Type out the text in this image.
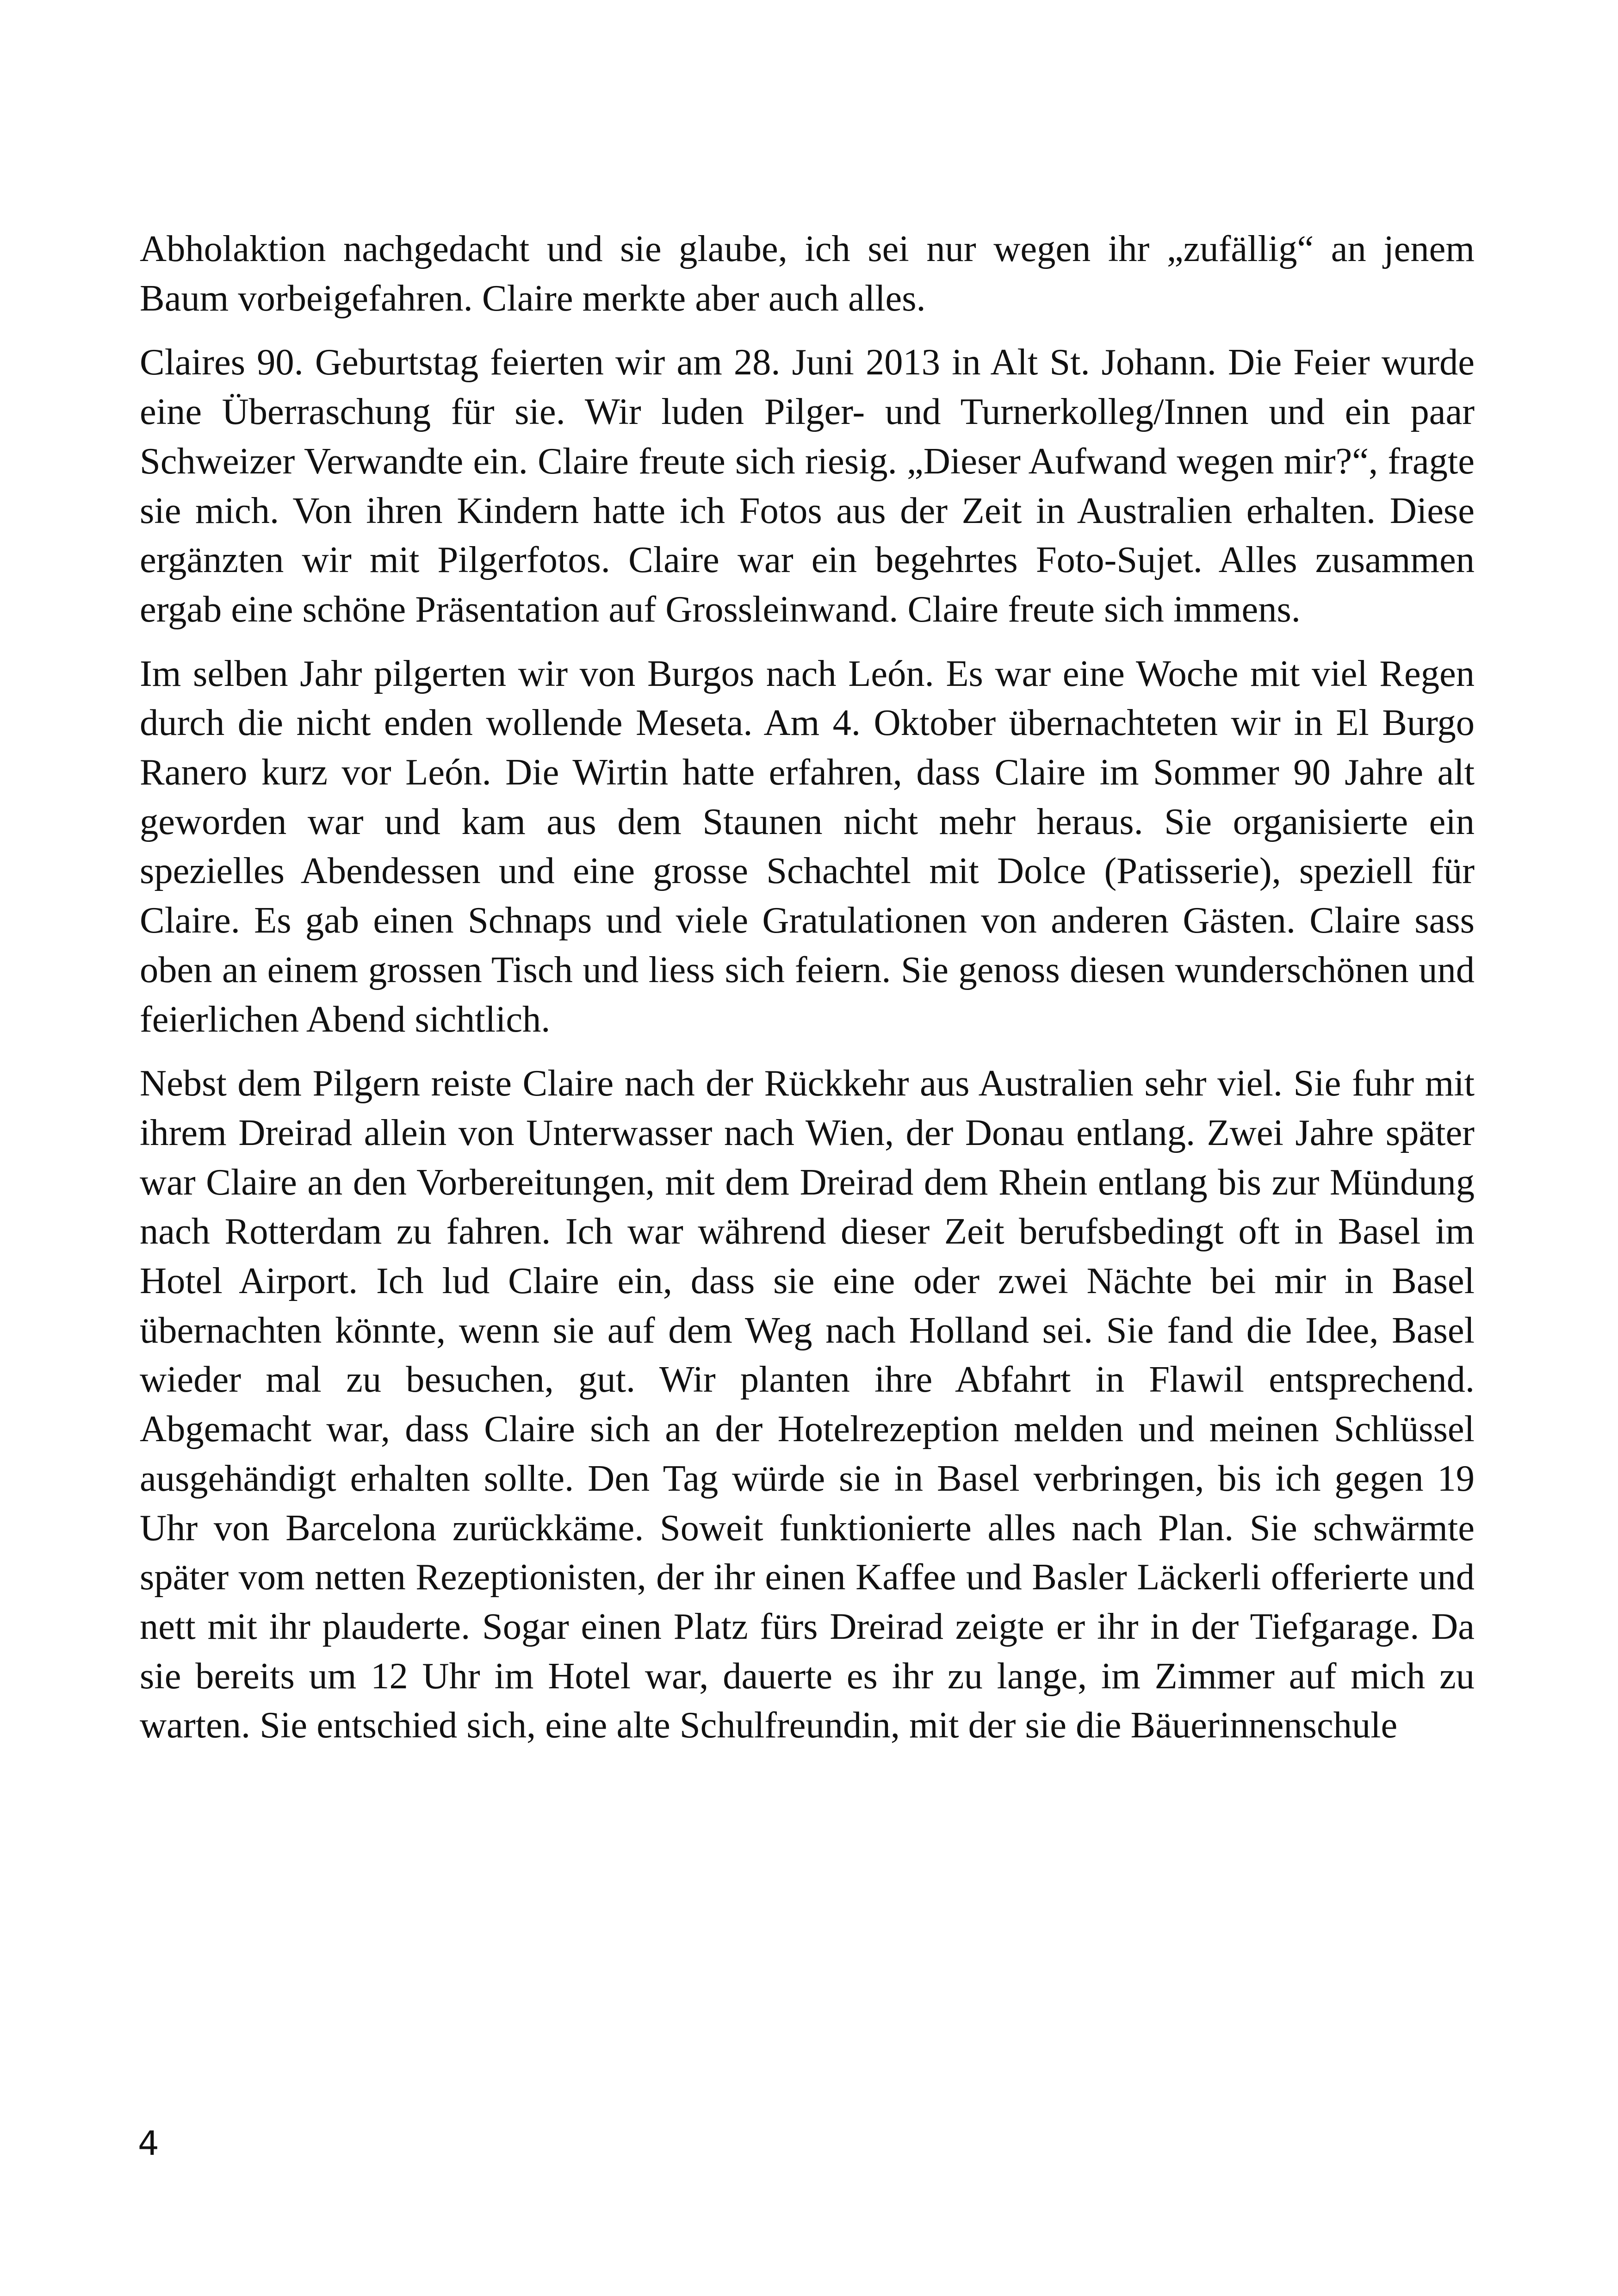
Abholaktion nachgedacht und sie glaube, ich sei nur wegen ihr „zufällig“ an jenem Baum vorbeigefahren. Claire merkte aber auch alles.

Claires 90. Geburtstag feierten wir am 28. Juni 2013 in Alt St. Johann. Die Feier wurde eine Überraschung für sie. Wir luden Pilger- und Turnerkolleg/Innen und ein paar Schweizer Verwandte ein. Claire freute sich riesig. „Dieser Aufwand wegen mir?“, fragte sie mich. Von ihren Kindern hatte ich Fotos aus der Zeit in Australien erhalten. Diese ergänzten wir mit Pilgerfotos. Claire war ein begehrtes Foto-Sujet. Alles zusammen ergab eine schöne Präsentation auf Grossleinwand. Claire freute sich immens.

Im selben Jahr pilgerten wir von Burgos nach León. Es war eine Woche mit viel Regen durch die nicht enden wollende Meseta. Am 4. Oktober übernachteten wir in El Burgo Ranero kurz vor León. Die Wirtin hatte erfahren, dass Claire im Sommer 90 Jahre alt geworden war und kam aus dem Staunen nicht mehr heraus. Sie organisierte ein spezielles Abendessen und eine grosse Schachtel mit Dolce (Patisserie), speziell für Claire. Es gab einen Schnaps und viele Gratulationen von anderen Gästen. Claire sass oben an einem grossen Tisch und liess sich feiern. Sie genoss diesen wunderschönen und feierlichen Abend sichtlich.

Nebst dem Pilgern reiste Claire nach der Rückkehr aus Australien sehr viel. Sie fuhr mit ihrem Dreirad allein von Unterwasser nach Wien, der Donau entlang. Zwei Jahre später war Claire an den Vorbereitungen, mit dem Dreirad dem Rhein entlang bis zur Mündung nach Rotterdam zu fahren. Ich war während dieser Zeit berufsbedingt oft in Basel im Hotel Airport. Ich lud Claire ein, dass sie eine oder zwei Nächte bei mir in Basel übernachten könnte, wenn sie auf dem Weg nach Holland sei. Sie fand die Idee, Basel wieder mal zu besuchen, gut. Wir planten ihre Abfahrt in Flawil entsprechend. Abgemacht war, dass Claire sich an der Hotelrezeption melden und meinen Schlüssel ausgehändigt erhalten sollte. Den Tag würde sie in Basel verbringen, bis ich gegen 19 Uhr von Barcelona zurückkäme. Soweit funktionierte alles nach Plan. Sie schwärmte später vom netten Rezeptionisten, der ihr einen Kaffee und Basler Läckerli offerierte und nett mit ihr plauderte. Sogar einen Platz fürs Dreirad zeigte er ihr in der Tiefgarage. Da sie bereits um 12 Uhr im Hotel war, dauerte es ihr zu lange, im Zimmer auf mich zu warten. Sie entschied sich, eine alte Schulfreundin, mit der sie die Bäuerinnenschule

4
